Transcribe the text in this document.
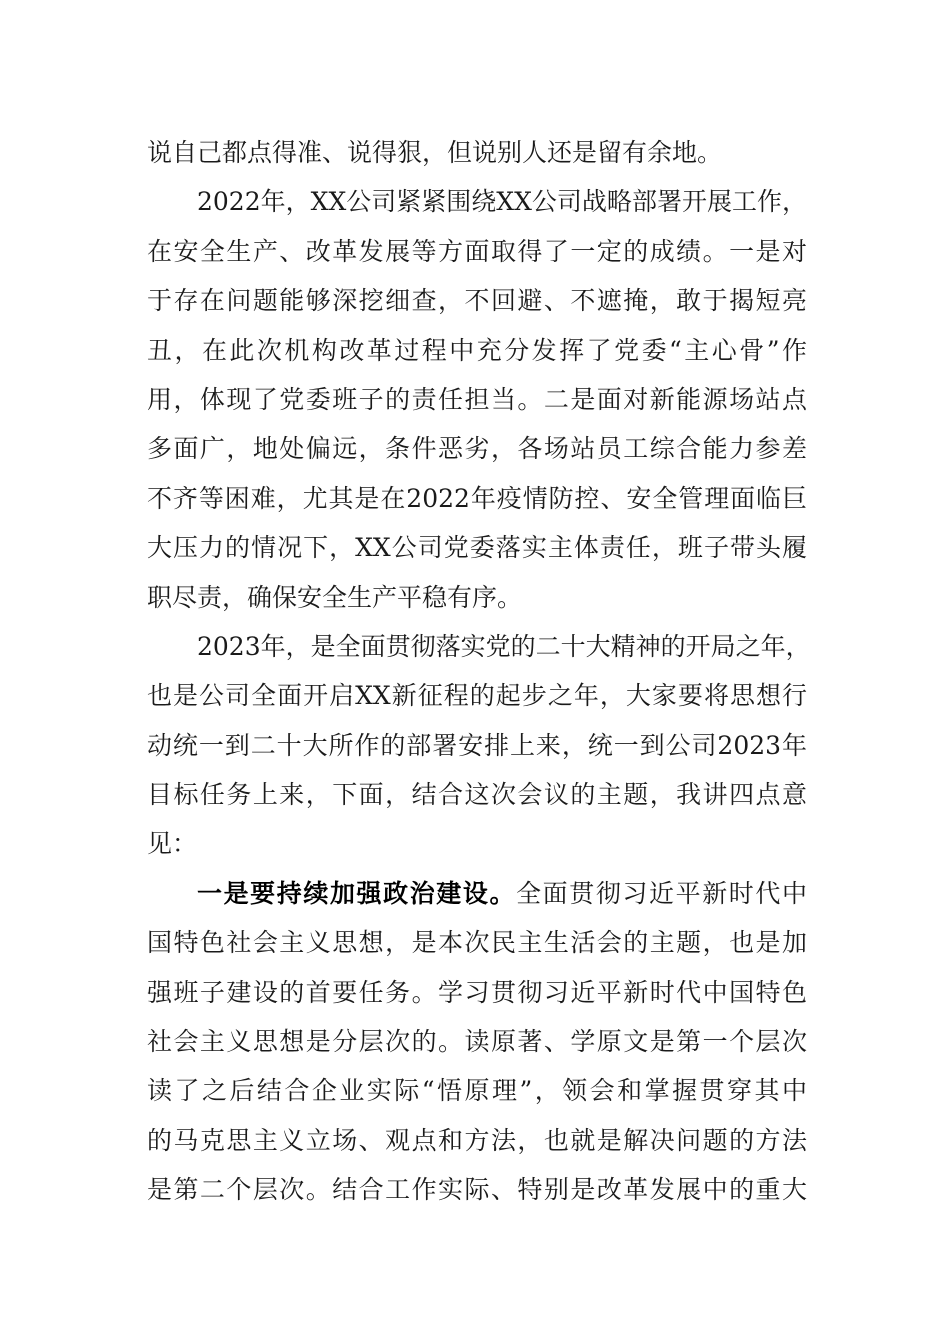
说自己都点得准、说得狠，但说别人还是留有余地。
2022年，XX公司紧紧围绕XX公司战略部署开展工作，
在安全生产、改革发展等方面取得了一定的成绩。一是对
于存在问题能够深挖细查，不回避、不遮掩，敢于揭短亮
丑，在此次机构改革过程中充分发挥了党委“主心骨”作
用，体现了党委班子的责任担当。二是面对新能源场站点
多面广，地处偏远，条件恶劣，各场站员工综合能力参差
不齐等困难，尤其是在2022年疫情防控、安全管理面临巨
大压力的情况下，XX公司党委落实主体责任，班子带头履
职尽责，确保安全生产平稳有序。
2023年，是全面贯彻落实党的二十大精神的开局之年，
也是公司全面开启XX新征程的起步之年，大家要将思想行
动统一到二十大所作的部署安排上来，统一到公司2023年
目标任务上来，下面，结合这次会议的主题，我讲四点意
见：
一是要持续加强政治建设。全面贯彻习近平新时代中
国特色社会主义思想，是本次民主生活会的主题，也是加
强班子建设的首要任务。学习贯彻习近平新时代中国特色
社会主义思想是分层次的。读原著、学原文是第一个层次
读了之后结合企业实际“悟原理”，领会和掌握贯穿其中
的马克思主义立场、观点和方法，也就是解决问题的方法
是第二个层次。结合工作实际、特别是改革发展中的重大
